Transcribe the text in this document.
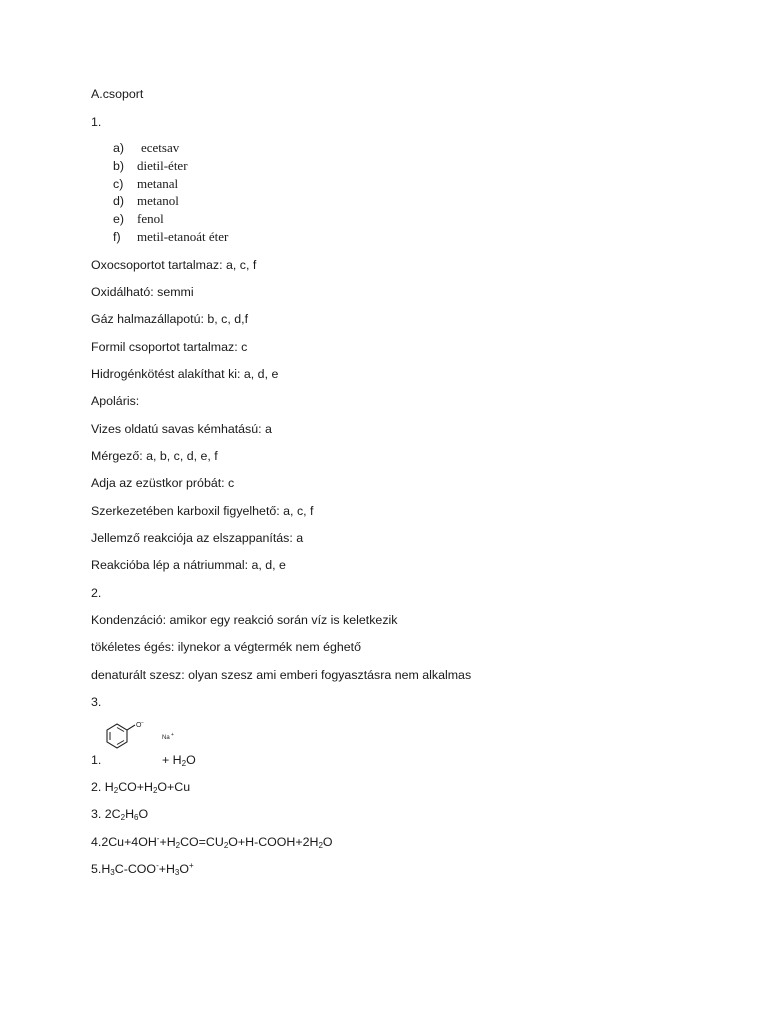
A.csoport
1.
a) ecetsav
b) dietil-éter
c) metanal
d) metanol
e) fenol
f) metil-etanoát éter
Oxocsoportot tartalmaz: a, c, f
Oxidálható: semmi
Gáz halmazállapotú: b, c, d,f
Formil csoportot tartalmaz: c
Hidrogénkötést alakíthat ki: a, d, e
Apoláris:
Vizes oldatú savas kémhatású: a
Mérgező: a, b, c, d, e, f
Adja az ezüstkor próbát: c
Szerkezetében karboxil figyelhető: a, c, f
Jellemző reakciója az elszappanítás: a
Reakcióba lép a nátriummal: a, d, e
2.
Kondenzáció: amikor egy reakció során víz is keletkezik
tökéletes égés: ilynekor a végtermék nem éghető
denaturált szesz: olyan szesz ami emberi fogyasztásra nem alkalmas
3.
O −
Na +
1.	+ $H_2O$
2. $H_2CO+H_2O+Cu$
3. $2C_2H_6O$
$4.2Cu+4OH^-+H_2CO=CU_2O+H-COOH+2H_2O$
$5.H_3C-COO^-+H_3O^+$
